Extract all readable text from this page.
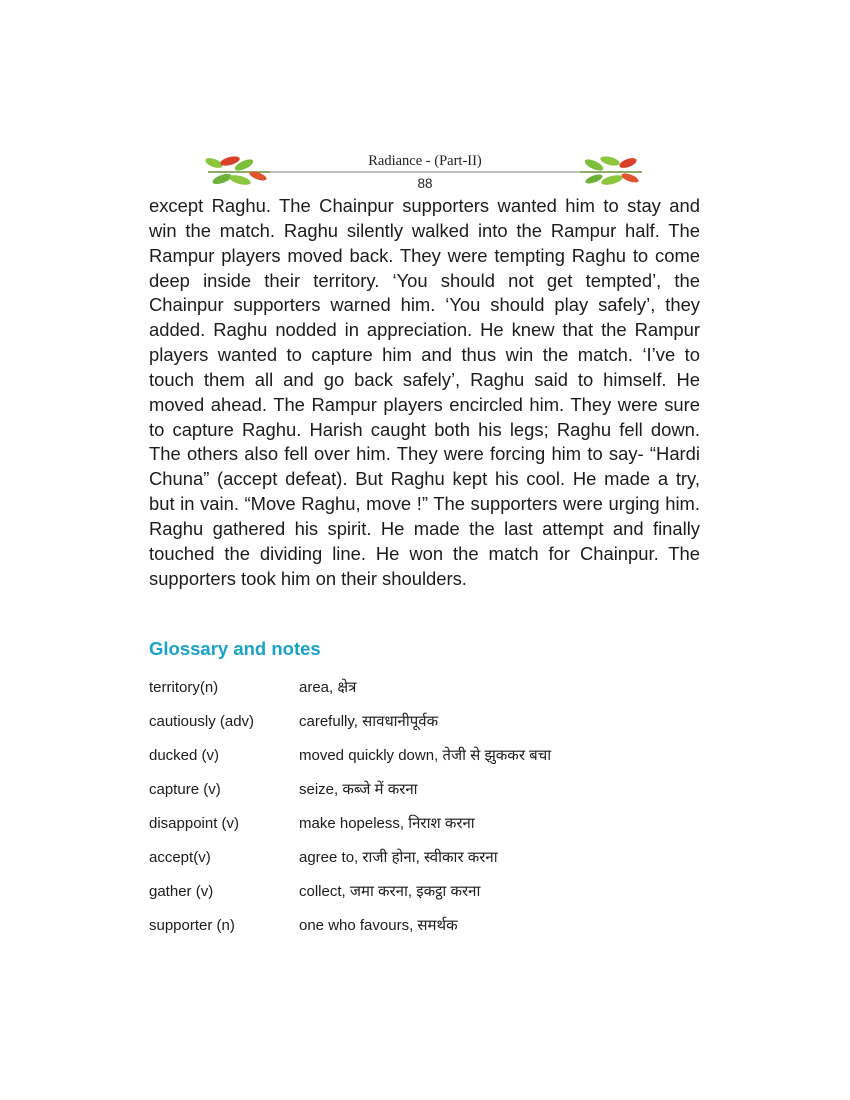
Radiance - (Part-II)
88

except Raghu. The Chainpur supporters wanted him to stay and win the match. Raghu silently walked into the Rampur half. The Rampur players moved back. They were tempting Raghu to come deep inside their territory. ‘You should not get tempted’, the Chainpur supporters warned him. ‘You should play safely’, they added. Raghu nodded in appreciation. He knew that the Rampur players wanted to capture him and thus win the match. ‘I’ve to touch them all and go back safely’, Raghu said to himself. He moved ahead. The Rampur players encircled him. They were sure to capture Raghu. Harish caught both his legs; Raghu fell down. The others also fell over him. They were forcing him to say- “Hardi Chuna” (accept defeat). But Raghu kept his cool. He made a try, but in vain. “Move Raghu, move !” The supporters were urging him. Raghu gathered his spirit. He made the last attempt and finally touched the dividing line. He won the match for Chainpur. The supporters took him on their shoulders.

Glossary and notes
territory(n)	area, क्षेत्र
cautiously (adv)	carefully, सावधानीपूर्वक
ducked (v)	moved quickly down, तेजी से झुककर बचा
capture (v)	seize, कब्जे में करना
disappoint (v)	make hopeless, निराश करना
accept(v)	agree to, राजी होना, स्वीकार करना
gather (v)	collect, जमा करना, इकट्ठा करना
supporter (n)	one who favours, समर्थक
